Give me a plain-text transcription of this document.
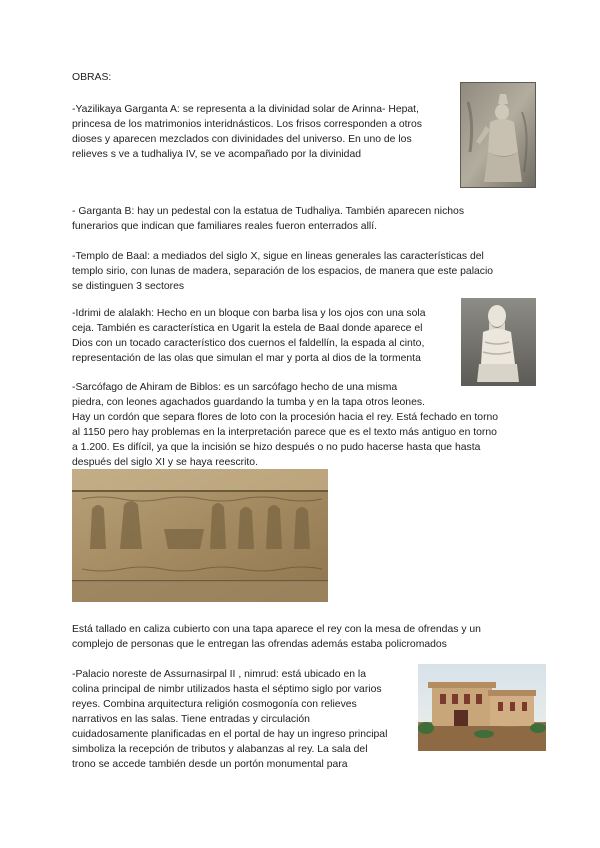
OBRAS:
-Yazilikaya Garganta A: se representa a la divinidad solar de Arinna- Hepat,
princesa de los matrimonios interidnásticos. Los frisos corresponden a otros
dioses y aparecen mezclados con divinidades del universo. En uno de los
relieves s ve a tudhaliya IV, se ve acompañado por la divinidad
- Garganta B: hay un pedestal con la estatua de Tudhaliya. También aparecen nichos
funerarios que indican que familiares reales fueron enterrados allí.
-Templo de Baal: a mediados del siglo X, sigue en lineas generales las características del
templo sirio, con lunas de madera, separación de los espacios, de manera que este palacio
se distinguen 3 sectores
-Idrimi de alalakh: Hecho en un bloque con barba lisa y los ojos con una sola
ceja. También es característica en Ugarit la estela de Baal donde aparece el
Dios con un tocado característico dos cuernos el faldellín, la espada al cinto,
representación de las olas que simulan el mar y porta al dios de la tormenta
-Sarcófago de Ahiram de Biblos: es un sarcófago hecho de una misma
piedra, con leones agachados guardando la tumba y en la tapa otros leones.
Hay un cordón que separa flores de loto con la procesión hacia el rey. Está fechado en torno
al 1150 pero hay problemas en la interpretación parece que es el texto más antiguo en torno
a 1.200. Es difícil, ya que la incisión se hizo después o no pudo hacerse hasta que hasta
después del siglo XI y se haya reescrito.
Está tallado en caliza cubierto con una tapa aparece el rey con la mesa de ofrendas y un
complejo de personas que le entregan las ofrendas además estaba policromados
-Palacio noreste de Assurnasirpal II , nimrud: está ubicado en la
colina principal de nimbr utilizados hasta el séptimo siglo por varios
reyes. Combina arquitectura religión cosmogonía con relieves
narrativos en las salas. Tiene entradas y circulación
cuidadosamente planificadas en el portal de hay un ingreso principal
simboliza la recepción de tributos y alabanzas al rey. La sala del
trono se accede también desde un portón monumental para
